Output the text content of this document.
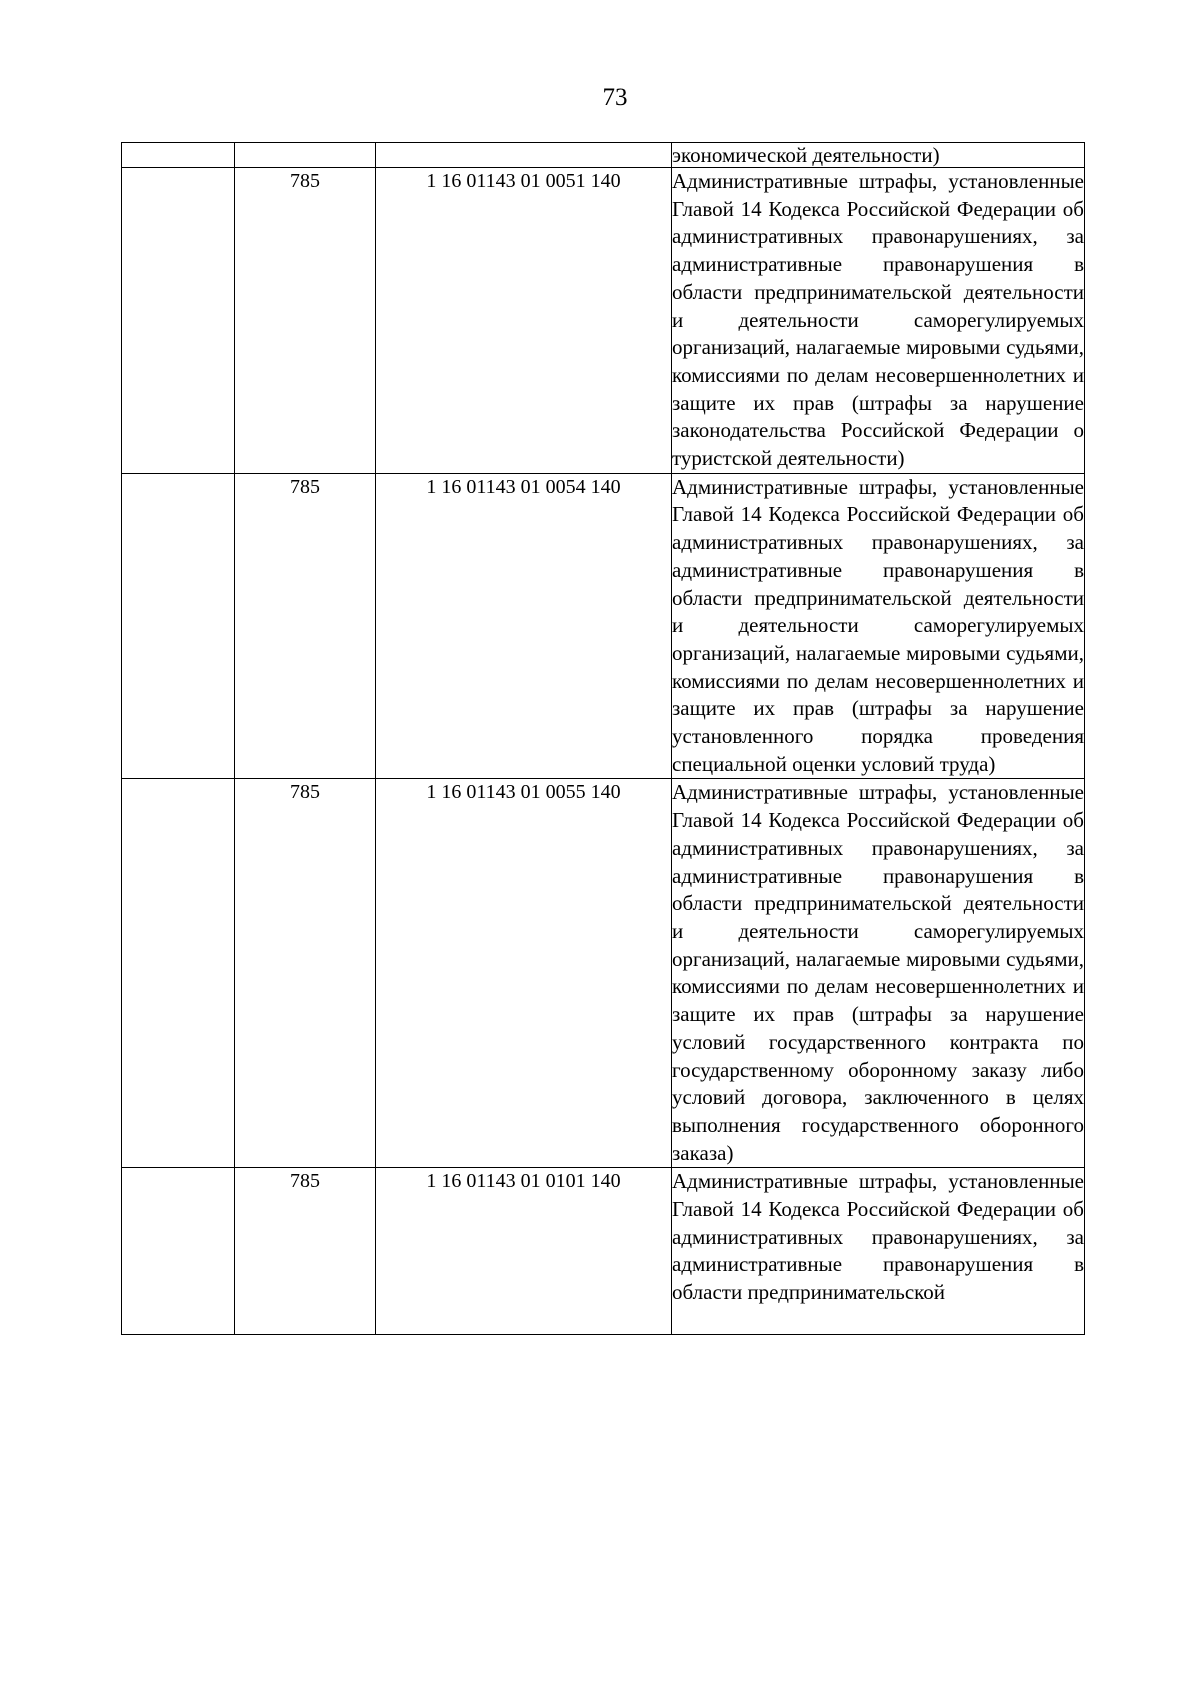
73
			экономической деятельности)
	785	1 16 01143 01 0051 140	Административные штрафы, установленные Главой 14 Кодекса Российской Федерации об административных правонарушениях, за административные правонарушения в области предпринимательской деятельности и деятельности саморегулируемых организаций, налагаемые мировыми судьями, комиссиями по делам несовершеннолетних и защите их прав (штрафы за нарушение законодательства Российской Федерации о туристской деятельности)
	785	1 16 01143 01 0054 140	Административные штрафы, установленные Главой 14 Кодекса Российской Федерации об административных правонарушениях, за административные правонарушения в области предпринимательской деятельности и деятельности саморегулируемых организаций, налагаемые мировыми судьями, комиссиями по делам несовершеннолетних и защите их прав (штрафы за нарушение установленного порядка проведения специальной оценки условий труда)
	785	1 16 01143 01 0055 140	Административные штрафы, установленные Главой 14 Кодекса Российской Федерации об административных правонарушениях, за административные правонарушения в области предпринимательской деятельности и деятельности саморегулируемых организаций, налагаемые мировыми судьями, комиссиями по делам несовершеннолетних и защите их прав (штрафы за нарушение условий государственного контракта по государственному оборонному заказу либо условий договора, заключенного в целях выполнения государственного оборонного заказа)
	785	1 16 01143 01 0101 140	Административные штрафы, установленные Главой 14 Кодекса Российской Федерации об административных правонарушениях, за административные правонарушения в области предпринимательской
